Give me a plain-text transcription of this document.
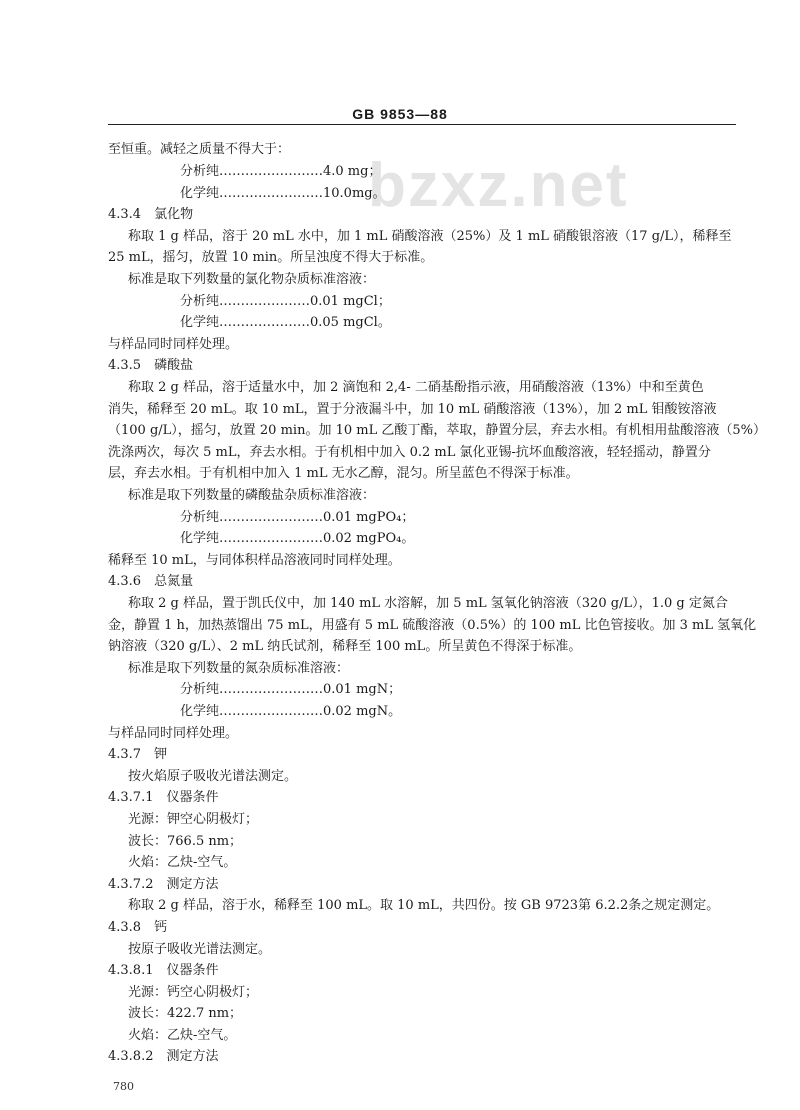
GB 9853—88
bzxz.net
至恒重。减轻之质量不得大于：
分析纯……………………4.0 mg；
化学纯……………………10.0mg。
4.3.4　氯化物
称取 1 g 样品，溶于 20 mL 水中，加 1 mL 硝酸溶液（25%）及 1 mL 硝酸银溶液（17 g/L），稀释至
25 mL，摇匀，放置 10 min。所呈浊度不得大于标准。
标准是取下列数量的氯化物杂质标准溶液：
分析纯…………………0.01 mgCl；
化学纯…………………0.05 mgCl。
与样品同时同样处理。
4.3.5　磷酸盐
称取 2 g 样品，溶于适量水中，加 2 滴饱和 2,4- 二硝基酚指示液，用硝酸溶液（13%）中和至黄色
消失，稀释至 20 mL。取 10 mL，置于分液漏斗中，加 10 mL 硝酸溶液（13%），加 2 mL 钼酸铵溶液
（100 g/L），摇匀，放置 20 min。加 10 mL 乙酸丁酯，萃取，静置分层，弃去水相。有机相用盐酸溶液（5%）
洗涤两次，每次 5 mL，弃去水相。于有机相中加入 0.2 mL 氯化亚锡-抗坏血酸溶液，轻轻摇动，静置分
层，弃去水相。于有机相中加入 1 mL 无水乙醇，混匀。所呈蓝色不得深于标准。
标准是取下列数量的磷酸盐杂质标准溶液：
分析纯……………………0.01 mgPO₄；
化学纯……………………0.02 mgPO₄。
稀释至 10 mL，与同体积样品溶液同时同样处理。
4.3.6　总氮量
称取 2 g 样品，置于凯氏仪中，加 140 mL 水溶解，加 5 mL 氢氧化钠溶液（320 g/L），1.0 g 定氮合
金，静置 1 h，加热蒸馏出 75 mL，用盛有 5 mL 硫酸溶液（0.5%）的 100 mL 比色管接收。加 3 mL 氢氧化
钠溶液（320 g/L）、2 mL 纳氏试剂，稀释至 100 mL。所呈黄色不得深于标准。
标准是取下列数量的氮杂质标准溶液：
分析纯……………………0.01 mgN；
化学纯……………………0.02 mgN。
与样品同时同样处理。
4.3.7　钾
按火焰原子吸收光谱法测定。
4.3.7.1　仪器条件
光源：钾空心阴极灯；
波长：766.5 nm；
火焰：乙炔-空气。
4.3.7.2　测定方法
称取 2 g 样品，溶于水，稀释至 100 mL。取 10 mL，共四份。按 GB 9723第 6.2.2条之规定测定。
4.3.8　钙
按原子吸收光谱法测定。
4.3.8.1　仪器条件
光源：钙空心阴极灯；
波长：422.7 nm；
火焰：乙炔-空气。
4.3.8.2　测定方法
780
